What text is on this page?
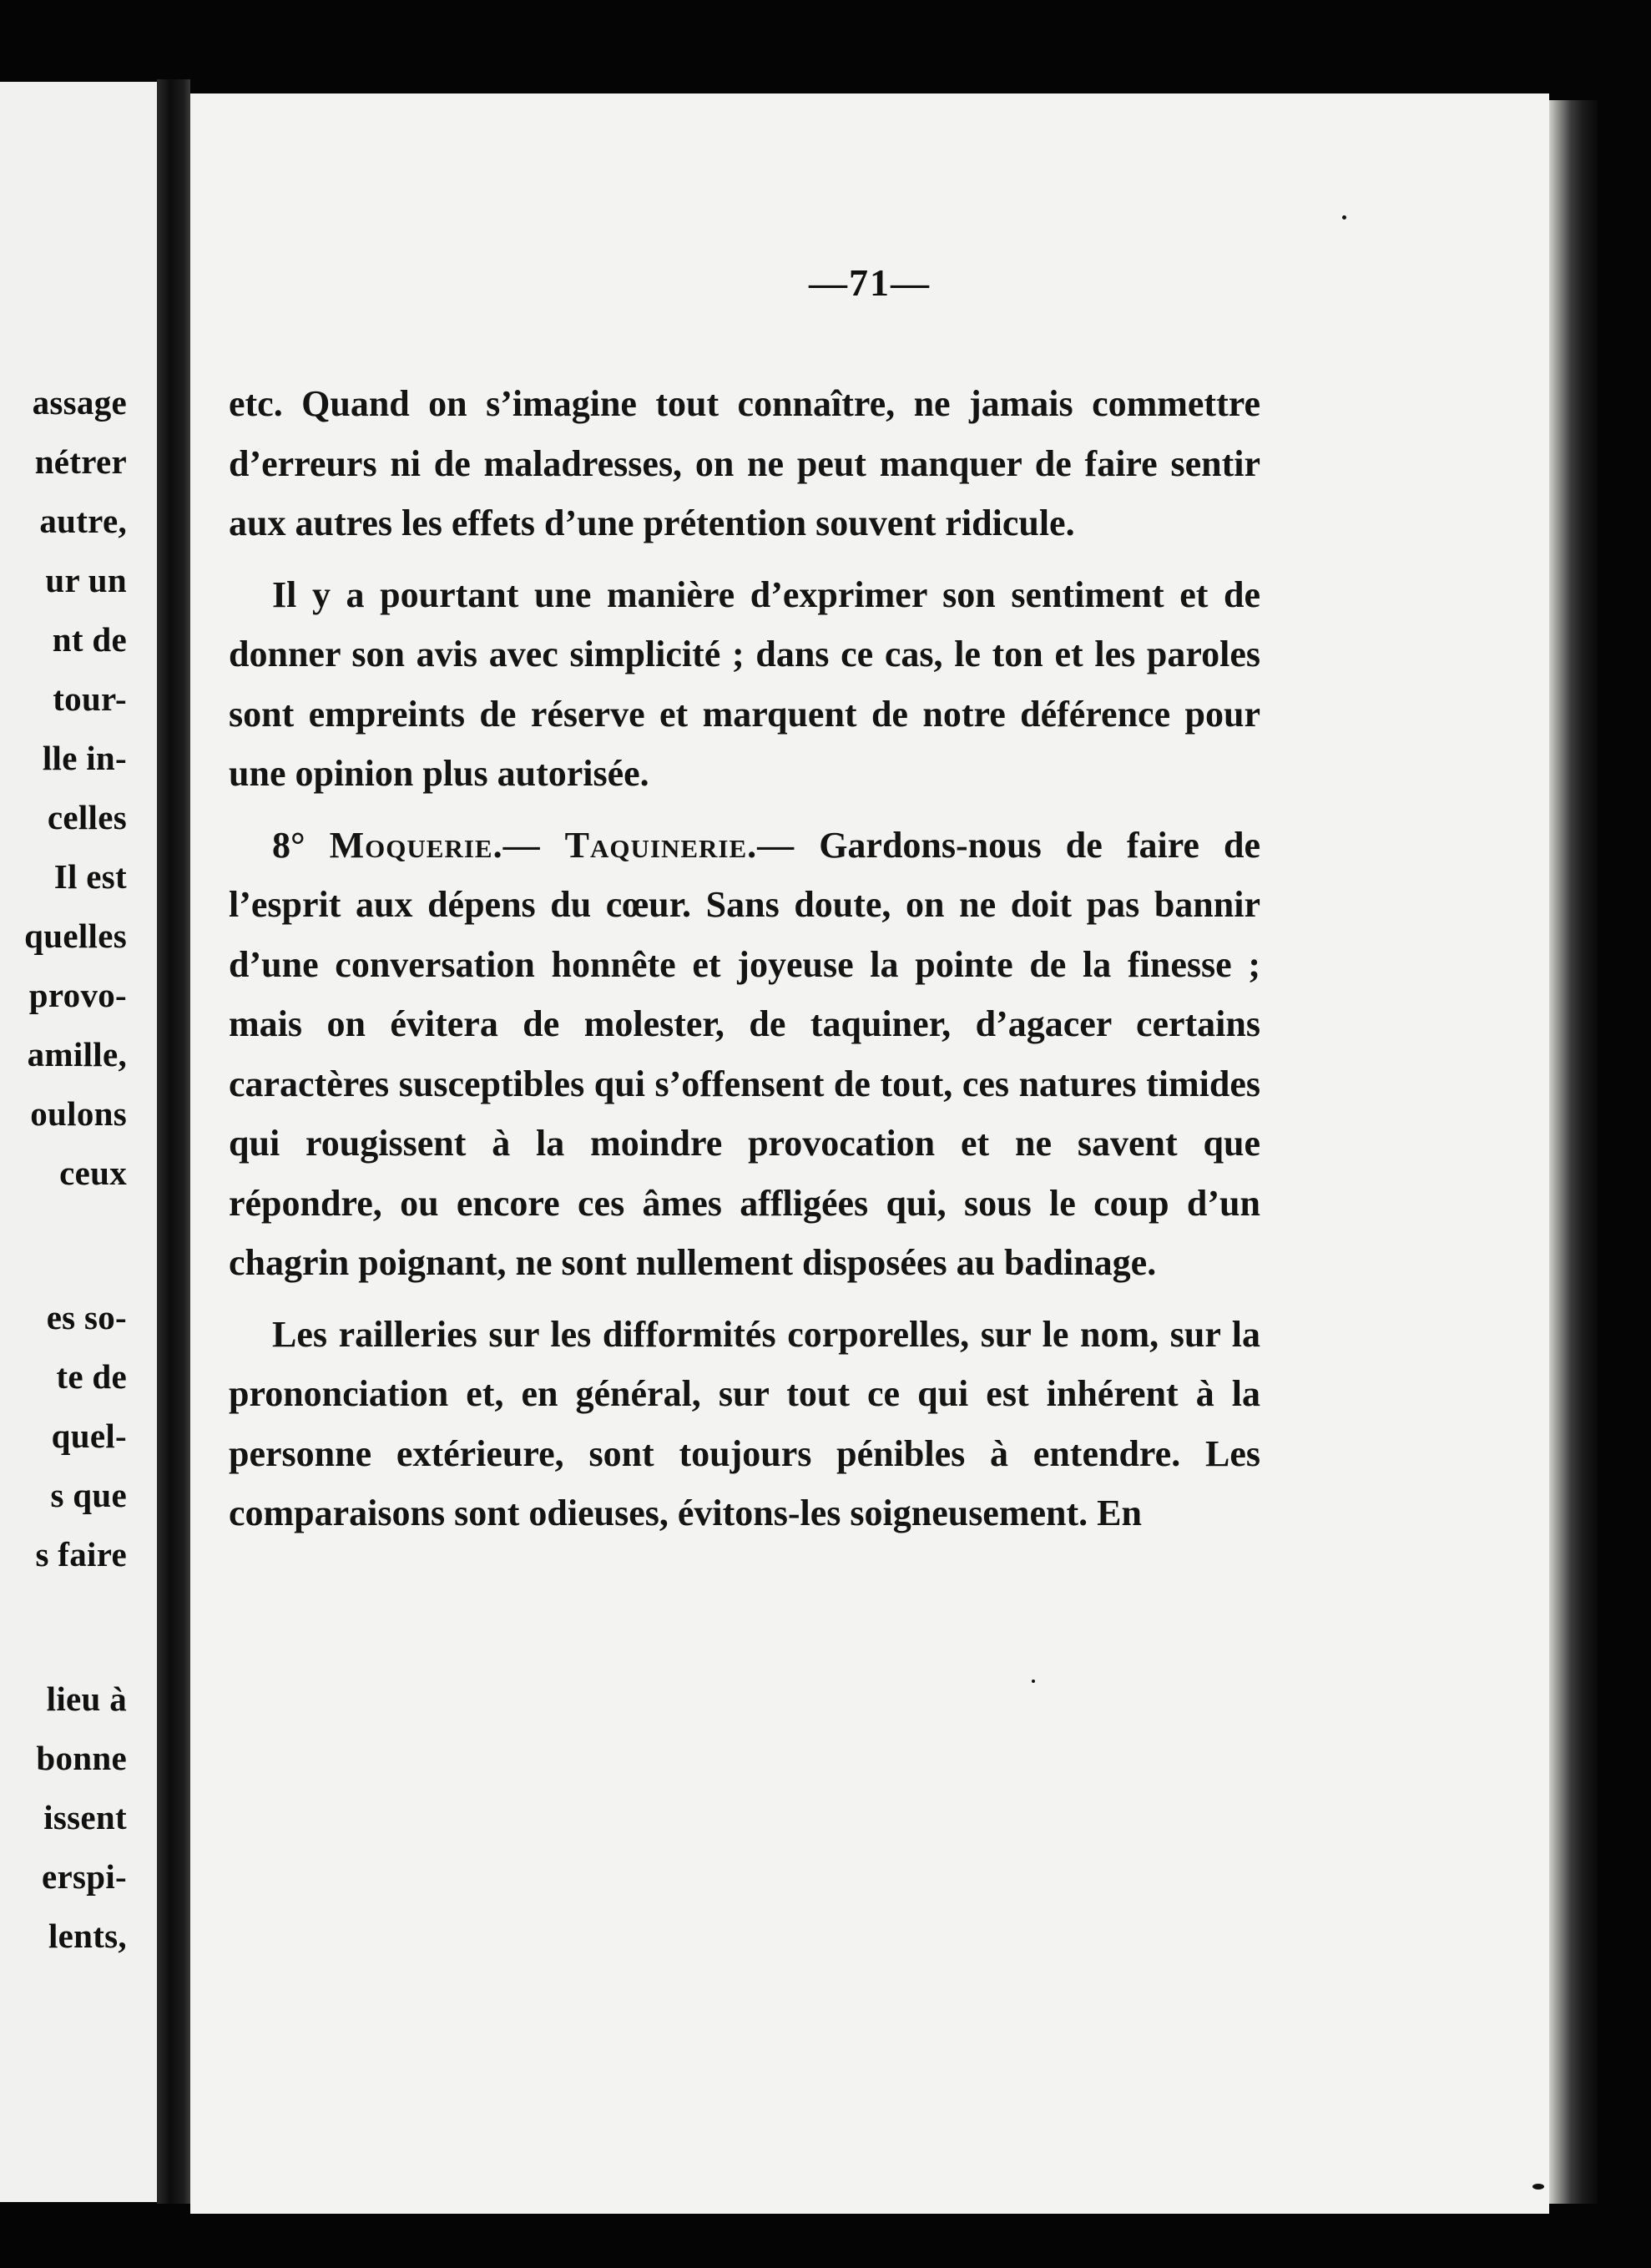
assage
nétrer
autre,
ur un
nt de
tour-
lle in-
celles
Il est
quelles
provo-
amille,
oulons
ceux
es so-
te de
quel-
s que
s faire
lieu à
bonne
issent
erspi-
lents,
—71—

etc. Quand on s’imagine tout connaître, ne jamais commettre d’erreurs ni de maladresses, on ne peut manquer de faire sentir aux autres les effets d’une prétention souvent ridicule.

Il y a pourtant une manière d’exprimer son sentiment et de donner son avis avec simplicité ; dans ce cas, le ton et les paroles sont empreints de réserve et marquent de notre déférence pour une opinion plus autorisée.

8° Moquerie.— Taquinerie.— Gardons-nous de faire de l’esprit aux dépens du cœur. Sans doute, on ne doit pas bannir d’une conversation honnête et joyeuse la pointe de la finesse ; mais on évitera de molester, de taquiner, d’agacer certains caractères susceptibles qui s’offensent de tout, ces natures timides qui rougissent à la moindre provocation et ne savent que répondre, ou encore ces âmes affligées qui, sous le coup d’un chagrin poignant, ne sont nullement disposées au badinage.

Les railleries sur les difformités corporelles, sur le nom, sur la prononciation et, en général, sur tout ce qui est inhérent à la personne extérieure, sont toujours pénibles à entendre. Les comparaisons sont odieuses, évitons-les soigneusement. En
